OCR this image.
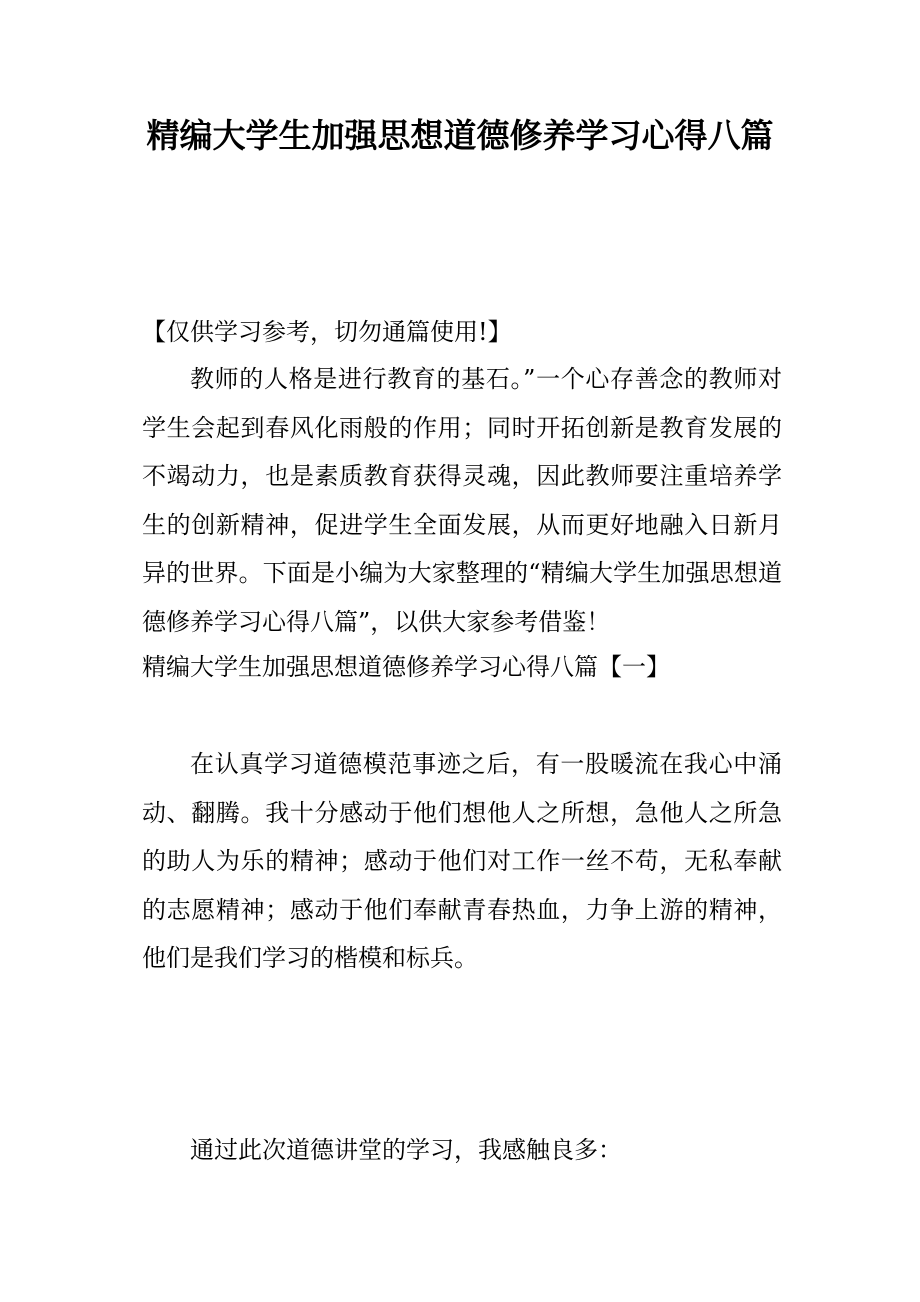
精编大学生加强思想道德修养学习心得八篇

【仅供学习参考，切勿通篇使用!】

教师的人格是进行教育的基石。”一个心存善念的教师对学生会起到春风化雨般的作用；同时开拓创新是教育发展的不竭动力，也是素质教育获得灵魂，因此教师要注重培养学生的创新精神，促进学生全面发展，从而更好地融入日新月异的世界。下面是小编为大家整理的“精编大学生加强思想道德修养学习心得八篇”，以供大家参考借鉴！

精编大学生加强思想道德修养学习心得八篇【一】

在认真学习道德模范事迹之后，有一股暖流在我心中涌动、翻腾。我十分感动于他们想他人之所想，急他人之所急的助人为乐的精神；感动于他们对工作一丝不苟，无私奉献的志愿精神；感动于他们奉献青春热血，力争上游的精神，他们是我们学习的楷模和标兵。

通过此次道德讲堂的学习，我感触良多：
